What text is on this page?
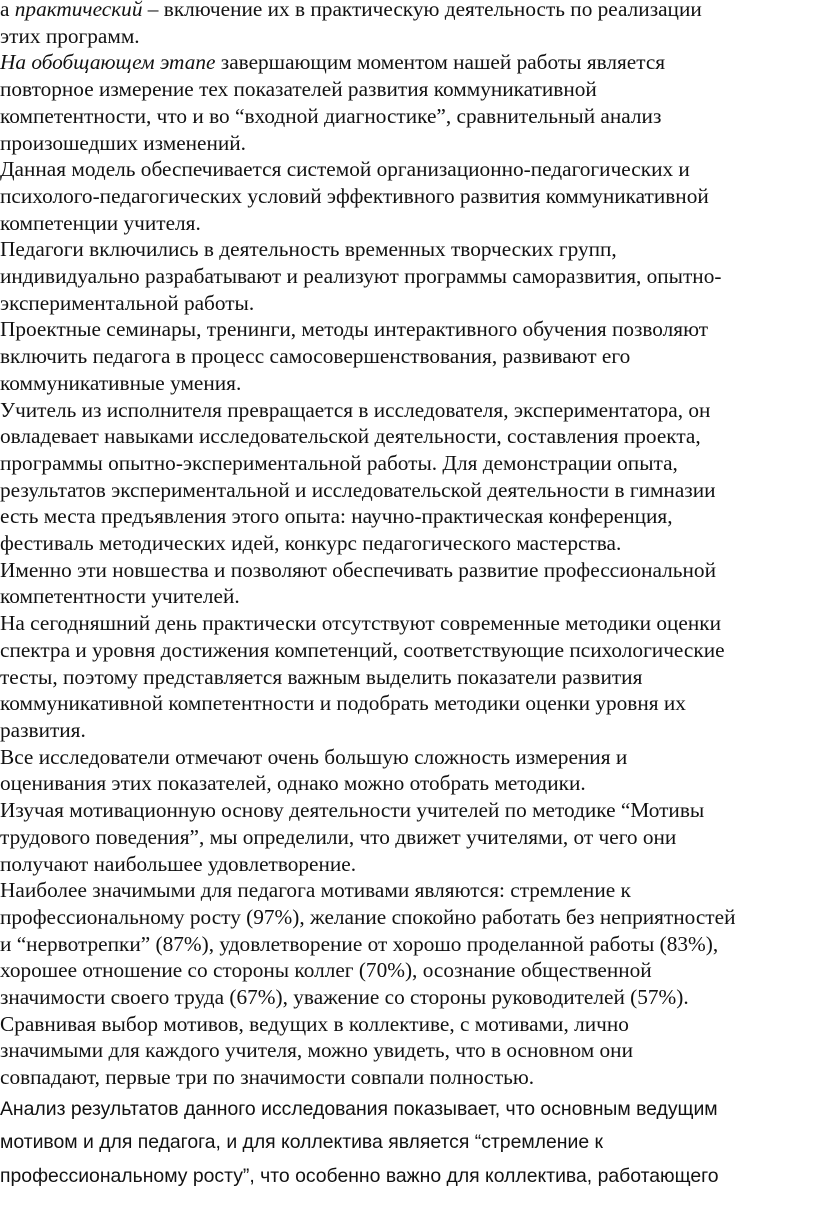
а практический – включение их в практическую деятельность по реализации

этих программ.

На обобщающем этапе завершающим моментом нашей работы является

повторное измерение тех показателей развития коммуникативной

компетентности, что и во “входной диагностике”, сравнительный анализ

произошедших изменений.

Данная модель обеспечивается системой организационно-педагогических и

психолого-педагогических условий эффективного развития коммуникативной

компетенции учителя.

Педагоги включились в деятельность временных творческих групп,

индивидуально разрабатывают и реализуют программы саморазвития, опытно-

экспериментальной работы.

Проектные семинары, тренинги, методы интерактивного обучения позволяют

включить педагога в процесс самосовершенствования, развивают его

коммуникативные умения.

Учитель из исполнителя превращается в исследователя, экспериментатора, он

овладевает навыками исследовательской деятельности, составления проекта,

программы опытно-экспериментальной работы. Для демонстрации опыта,

результатов экспериментальной и исследовательской деятельности в гимназии

есть места предъявления этого опыта: научно-практическая конференция,

фестиваль методических идей, конкурс педагогического мастерства.

Именно эти новшества и позволяют обеспечивать развитие профессиональной

компетентности учителей.

На сегодняшний день практически отсутствуют современные методики оценки

спектра и уровня достижения компетенций, соответствующие психологические

тесты, поэтому представляется важным выделить показатели развития

коммуникативной компетентности и подобрать методики оценки уровня их

развития.

Все исследователи отмечают очень большую сложность измерения и

оценивания этих показателей, однако можно отобрать методики.

Изучая мотивационную основу деятельности учителей по методике “Мотивы

трудового поведения”, мы определили, что движет учителями, от чего они

получают наибольшее удовлетворение.

Наиболее значимыми для педагога мотивами являются: стремление к

профессиональному росту (97%), желание спокойно работать без неприятностей

и “нервотрепки” (87%), удовлетворение от хорошо проделанной работы (83%),

хорошее отношение со стороны коллег (70%), осознание общественной

значимости своего труда (67%), уважение со стороны руководителей (57%).

Сравнивая выбор мотивов, ведущих в коллективе, с мотивами, лично

значимыми для каждого учителя, можно увидеть, что в основном они

совпадают, первые три по значимости совпали полностью.

Анализ результатов данного исследования показывает, что основным ведущим

мотивом и для педагога, и для коллектива является “стремление к

профессиональному росту”, что особенно важно для коллектива, работающего
